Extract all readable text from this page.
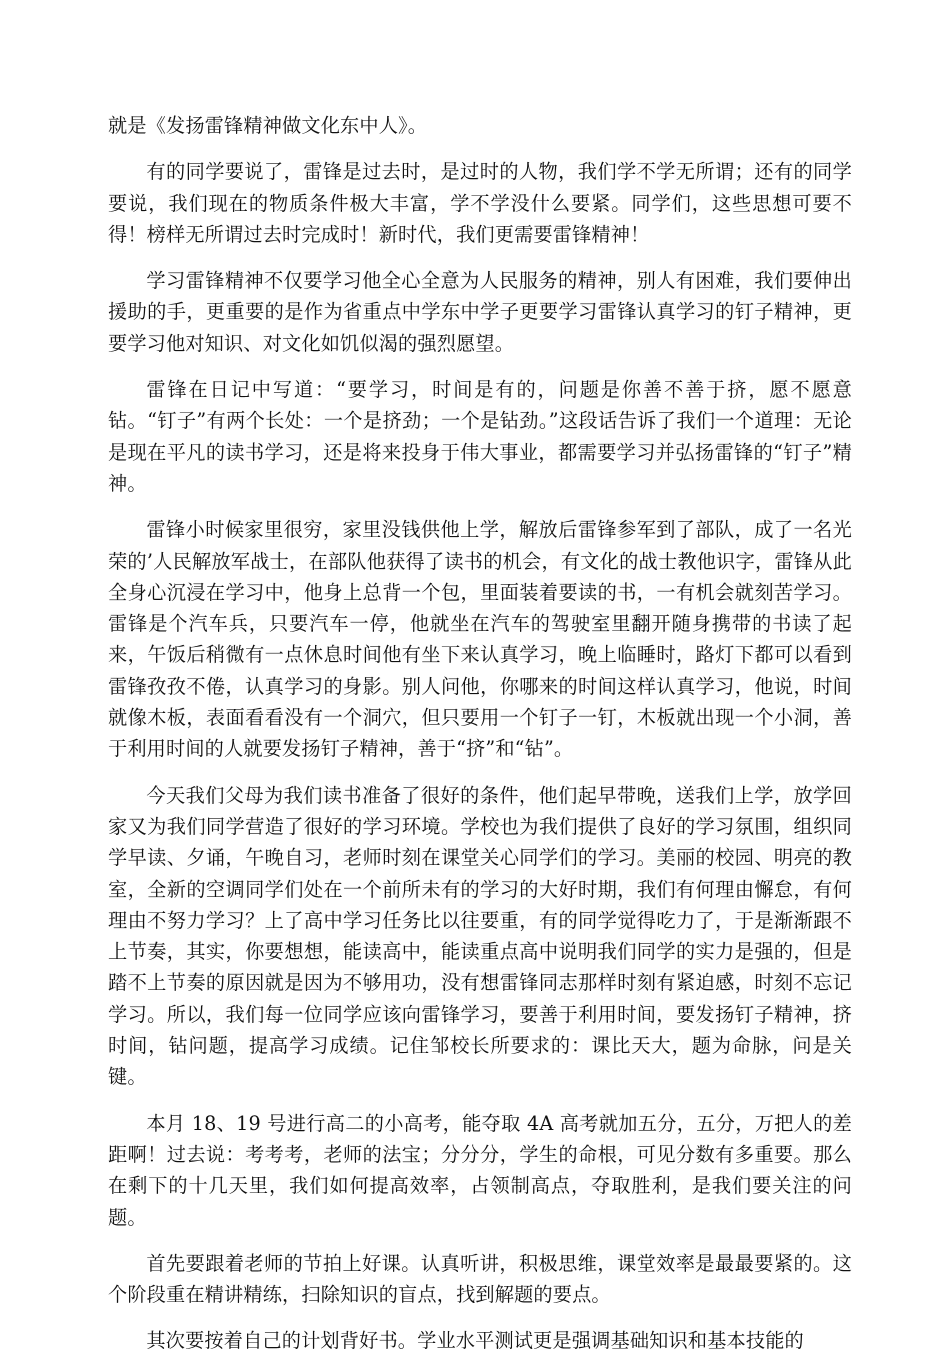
就是《发扬雷锋精神做文化东中人》。

有的同学要说了，雷锋是过去时，是过时的人物，我们学不学无所谓；还有的同学要说，我们现在的物质条件极大丰富，学不学没什么要紧。同学们，这些思想可要不得！榜样无所谓过去时完成时！新时代，我们更需要雷锋精神！

学习雷锋精神不仅要学习他全心全意为人民服务的精神，别人有困难，我们要伸出援助的手，更重要的是作为省重点中学东中学子更要学习雷锋认真学习的钉子精神，更要学习他对知识、对文化如饥似渴的强烈愿望。

雷锋在日记中写道：“要学习，时间是有的，问题是你善不善于挤，愿不愿意钻。“钉子”有两个长处：一个是挤劲；一个是钻劲。”这段话告诉了我们一个道理：无论是现在平凡的读书学习，还是将来投身于伟大事业，都需要学习并弘扬雷锋的“钉子”精神。

雷锋小时候家里很穷，家里没钱供他上学，解放后雷锋参军到了部队，成了一名光荣的’人民解放军战士，在部队他获得了读书的机会，有文化的战士教他识字，雷锋从此全身心沉浸在学习中，他身上总背一个包，里面装着要读的书，一有机会就刻苦学习。雷锋是个汽车兵，只要汽车一停，他就坐在汽车的驾驶室里翻开随身携带的书读了起来，午饭后稍微有一点休息时间他有坐下来认真学习，晚上临睡时，路灯下都可以看到雷锋孜孜不倦，认真学习的身影。别人问他，你哪来的时间这样认真学习，他说，时间就像木板，表面看看没有一个洞穴，但只要用一个钉子一钉，木板就出现一个小洞，善于利用时间的人就要发扬钉子精神，善于“挤”和“钻”。

今天我们父母为我们读书准备了很好的条件，他们起早带晚，送我们上学，放学回家又为我们同学营造了很好的学习环境。学校也为我们提供了良好的学习氛围，组织同学早读、夕诵，午晚自习，老师时刻在课堂关心同学们的学习。美丽的校园、明亮的教室，全新的空调同学们处在一个前所未有的学习的大好时期，我们有何理由懈怠，有何理由不努力学习？上了高中学习任务比以往要重，有的同学觉得吃力了，于是渐渐跟不上节奏，其实，你要想想，能读高中，能读重点高中说明我们同学的实力是强的，但是踏不上节奏的原因就是因为不够用功，没有想雷锋同志那样时刻有紧迫感，时刻不忘记学习。所以，我们每一位同学应该向雷锋学习，要善于利用时间，要发扬钉子精神，挤时间，钻问题，提高学习成绩。记住邹校长所要求的：课比天大，题为命脉，问是关键。

本月 18、19 号进行高二的小高考，能夺取 4A 高考就加五分，五分，万把人的差距啊！过去说：考考考，老师的法宝；分分分，学生的命根，可见分数有多重要。那么在剩下的十几天里，我们如何提高效率，占领制高点，夺取胜利，是我们要关注的问题。

首先要跟着老师的节拍上好课。认真听讲，积极思维，课堂效率是最最要紧的。这个阶段重在精讲精练，扫除知识的盲点，找到解题的要点。

其次要按着自己的计划背好书。学业水平测试更是强调基础知识和基本技能的
